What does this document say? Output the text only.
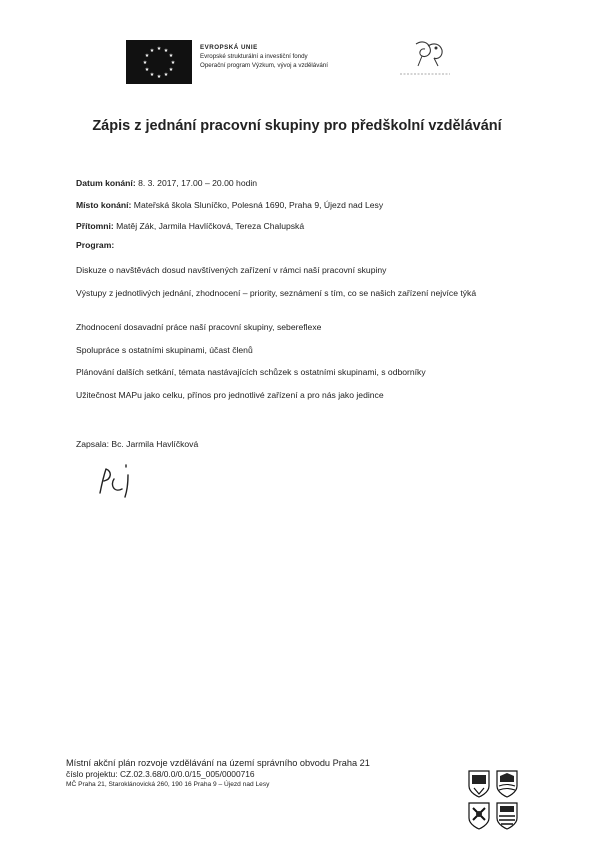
★ ★
★
★
★
★
★
★
★
★
★
★	EVROPSKÁ UNIE
Evropské strukturální a investiční fondy
Operační program Výzkum, vývoj a vzdělávání
Zápis z jednání pracovní skupiny pro předškolní vzdělávání
Datum konání: 8. 3. 2017, 17.00 – 20.00 hodin
Místo konání: Mateřská škola Sluníčko, Polesná 1690, Praha 9, Újezd nad Lesy
Přítomni: Matěj Zák, Jarmila Havlíčková, Tereza Chalupská
Program:
Diskuze o navštěvách dosud navštívených zařízení v rámci naší pracovní skupiny
Výstupy z jednotlivých jednání, zhodnocení – priority, seznámení s tím, co se našich zařízení nejvíce týká
Zhodnocení dosavadní práce naší pracovní skupiny, sebereflexe
Spolupráce s ostatními skupinami, účast členů
Plánování dalších setkání, témata nastávajících schůzek s ostatními skupinami, s odborníky
Užitečnost MAPu jako celku, přínos pro jednotlivé zařízení a pro nás jako jedince
Zapsala: Bc. Jarmila Havlíčková
Místní akční plán rozvoje vzdělávání na území správního obvodu Praha 21
číslo projektu: CZ.02.3.68/0.0/0.0/15_005/0000716
MČ Praha 21, Staroklánovická 260, 190 16 Praha 9 – Újezd nad Lesy
